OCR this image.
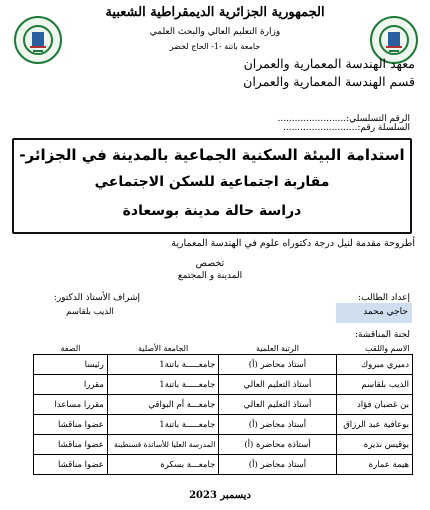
الجمهورية الجزائرية الديمقراطية الشعبية
وزارة التعليم العالي والبحث العلمي
جامعة باتنة -1- الحاج لخضر
معهد الهندسة المعمارية والعمران
قسم الهندسة المعمارية والعمران
الرقم التسلسلي:........................
السلسلة رقم:..........................
استدامة البيئة السكنية الجماعية بالمدينة في الجزائر-
مقاربة اجتماعية للسكن الاجتماعي
دراسة حالة مدينة بوسعادة
أطروحة مقدمة لنيل درجة دكتوراه علوم في الهندسة المعمارية
تخصص
المدينة و المجتمع
إعداد الطالب:
إشراف الأستاذ الدكتور:
حاجي محمد
الذيب بلقاسم
لجنة المناقشة:
الاسم واللقب	الرتبة العلمية	الجامعة الأصلية	الصفة
دميري مبروك	أستاذ محاضر (أ)	جامعـــــة باتنة1	رئيسا
الذيب بلقاسم	أستاذ التعليم العالي	جامعـــــة باتنة1	مقررا
بن غضبان فؤاد	أستاذ التعليم العالي	جامعـــة أم البواقي	مقررا مساعدا
بوعافية عبد الرزاق	أستاذ محاضر (أ)	جامعـــــة باتنة1	عضوا مناقشا
بوقيس نذيرة	أستاذة محاضرة (أ)	المدرسة العليا للأساتذة قسنطينة	عضوا مناقشا
هيمة عمارة	أستاذ محاضر (أ)	جامعـــة بسكرة	عضوا مناقشا
ديسمبر 2023
